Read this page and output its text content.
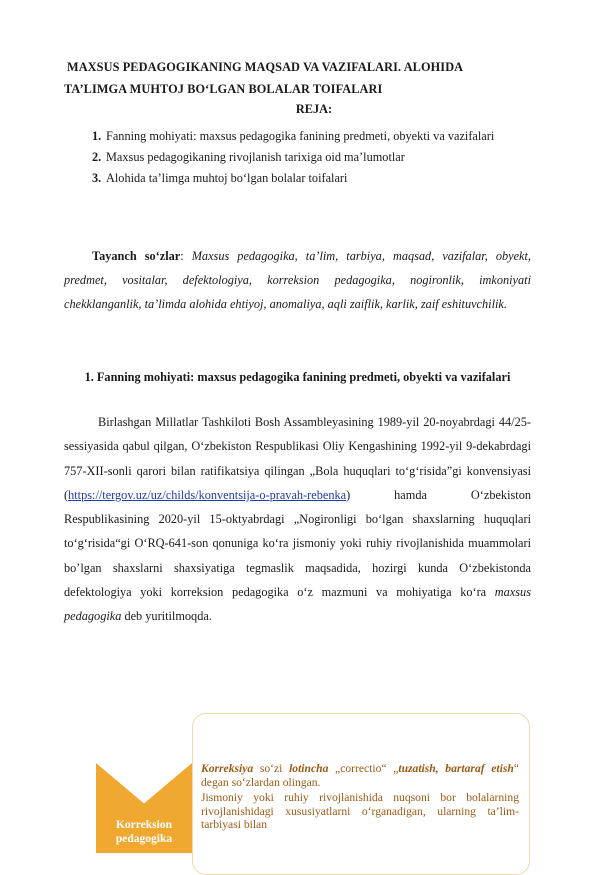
MAXSUS PEDAGOGIKANING MAQSAD VA VAZIFALARI. ALOHIDA
TA’LIMGA MUHTOJ BO‘LGAN BOLALAR TOIFALARI
REJA:
1. Fanning mohiyati: maxsus pedagogika fanining predmeti, obyekti va vazifalari
2. Maxsus pedagogikaning rivojlanish tarixiga oid ma’lumotlar
3. Alohida ta’limga muhtoj bo‘lgan bolalar toifalari
Tayanch so‘zlar: Maxsus pedagogika, ta’lim, tarbiya, maqsad, vazifalar, obyekt, predmet, vositalar, defektologiya, korreksion pedagogika, nogironlik, imkoniyati chekklanganlik, ta’limda alohida ehtiyoj, anomaliya, aqli zaiflik, karlik, zaif eshituvchilik.
1. Fanning mohiyati: maxsus pedagogika fanining predmeti, obyekti va vazifalari
Birlashgan Millatlar Tashkiloti Bosh Assambleyasining 1989-yil 20-noyabrdagi 44/25-sessiyasida qabul qilgan, O‘zbekiston Respublikasi Oliy Kengashining 1992-yil 9-dekabrdagi 757-XII-sonli qarori bilan ratifikatsiya qilingan „Bola huquqlari to‘g‘risida”gi konvensiyasi (https://tergov.uz/uz/childs/konventsija-o-pravah-rebenka) hamda O‘zbekiston Respublikasining 2020-yil 15-oktyabrdagi „Nogironligi bo‘lgan shaxslarning huquqlari to‘g‘risida“gi O‘RQ-641-son qonuniga ko‘ra jismoniy yoki ruhiy rivojlanishida muammolari bo’lgan shaxslarni shaxsiyatiga tegmaslik maqsadida, hozirgi kunda O‘zbekistonda defektologiya yoki korreksion pedagogika o‘z mazmuni va mohiyatiga ko‘ra maxsus pedagogika deb yuritilmoqda.
Korreksion pedagogika

Korreksiya so‘zi lotincha „correctio“ „tuzatish, bartaraf etish“ degan so‘zlardan olingan.

Jismoniy yoki ruhiy rivojlanishida nuqsoni bor bolalarning rivojlanishidagi xususiyatlarni o‘rganadigan, ularning ta’lim-tarbiyasi bilan
